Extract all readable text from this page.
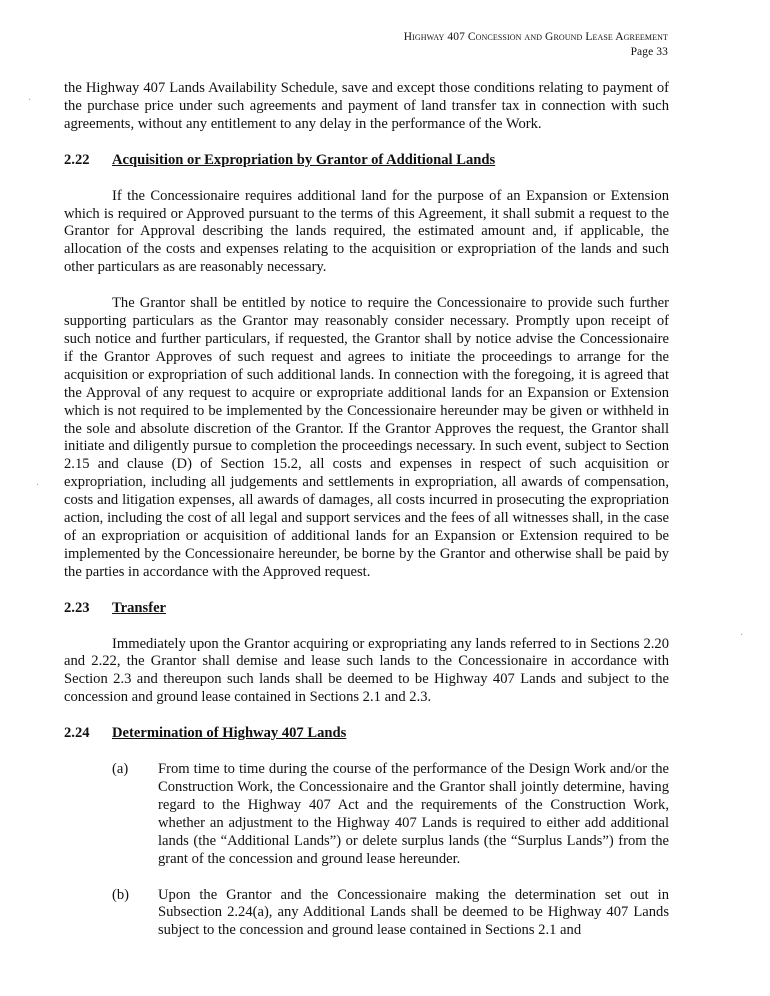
Highway 407 Concession and Ground Lease Agreement
Page 33

the Highway 407 Lands Availability Schedule, save and except those conditions relating to payment of the purchase price under such agreements and payment of land transfer tax in connection with such agreements, without any entitlement to any delay in the performance of the Work.

2.22	Acquisition or Expropriation by Grantor of Additional Lands

If the Concessionaire requires additional land for the purpose of an Expansion or Extension which is required or Approved pursuant to the terms of this Agreement, it shall submit a request to the Grantor for Approval describing the lands required, the estimated amount and, if applicable, the allocation of the costs and expenses relating to the acquisition or expropriation of the lands and such other particulars as are reasonably necessary.

The Grantor shall be entitled by notice to require the Concessionaire to provide such further supporting particulars as the Grantor may reasonably consider necessary. Promptly upon receipt of such notice and further particulars, if requested, the Grantor shall by notice advise the Concessionaire if the Grantor Approves of such request and agrees to initiate the proceedings to arrange for the acquisition or expropriation of such additional lands. In connection with the foregoing, it is agreed that the Approval of any request to acquire or expropriate additional lands for an Expansion or Extension which is not required to be implemented by the Concessionaire hereunder may be given or withheld in the sole and absolute discretion of the Grantor. If the Grantor Approves the request, the Grantor shall initiate and diligently pursue to completion the proceedings necessary. In such event, subject to Section 2.15 and clause (D) of Section 15.2, all costs and expenses in respect of such acquisition or expropriation, including all judgements and settlements in expropriation, all awards of compensation, costs and litigation expenses, all awards of damages, all costs incurred in prosecuting the expropriation action, including the cost of all legal and support services and the fees of all witnesses shall, in the case of an expropriation or acquisition of additional lands for an Expansion or Extension required to be implemented by the Concessionaire hereunder, be borne by the Grantor and otherwise shall be paid by the parties in accordance with the Approved request.

2.23	Transfer

Immediately upon the Grantor acquiring or expropriating any lands referred to in Sections 2.20 and 2.22, the Grantor shall demise and lease such lands to the Concessionaire in accordance with Section 2.3 and thereupon such lands shall be deemed to be Highway 407 Lands and subject to the concession and ground lease contained in Sections 2.1 and 2.3.

2.24	Determination of Highway 407 Lands
(a)	From time to time during the course of the performance of the Design Work and/or the Construction Work, the Concessionaire and the Grantor shall jointly determine, having regard to the Highway 407 Act and the requirements of the Construction Work, whether an adjustment to the Highway 407 Lands is required to either add additional lands (the “Additional Lands”) or delete surplus lands (the “Surplus Lands”) from the grant of the concession and ground lease hereunder.
(b)	Upon the Grantor and the Concessionaire making the determination set out in Subsection 2.24(a), any Additional Lands shall be deemed to be Highway 407 Lands subject to the concession and ground lease contained in Sections 2.1 and
·
·
·
